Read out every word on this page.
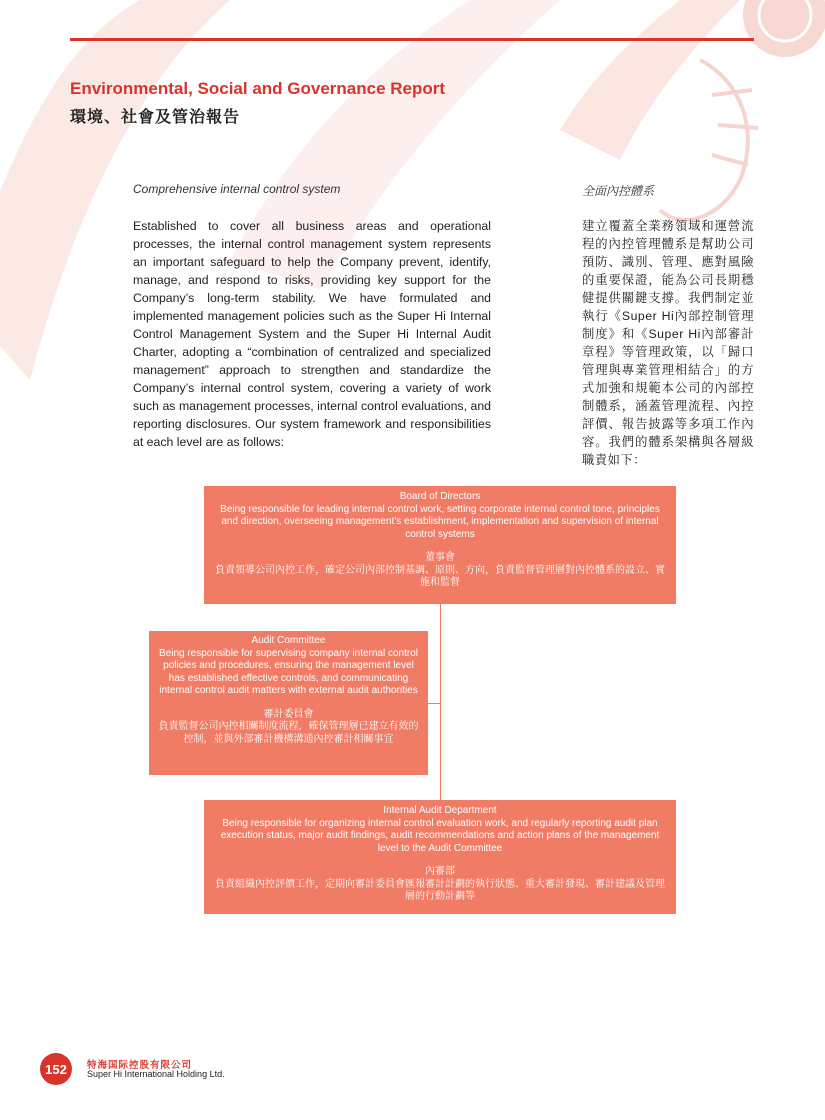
Environmental, Social and Governance Report
環境、社會及管治報告
Comprehensive internal control system	全面內控體系
Established to cover all business areas and operational processes, the internal control management system represents an important safeguard to help the Company prevent, identify, manage, and respond to risks, providing key support for the Company’s long-term stability. We have formulated and implemented management policies such as the Super Hi Internal Control Management System and the Super Hi Internal Audit Charter, adopting a “combination of centralized and specialized management” approach to strengthen and standardize the Company’s internal control system, covering a variety of work such as management processes, internal control evaluations, and reporting disclosures. Our system framework and responsibilities at each level are as follows:
建立覆蓋全業務領域和運營流程的內控管理體系是幫助公司預防、識別、管理、應對風險的重要保證，能為公司長期穩健提供關鍵支撐。我們制定並執行《Super Hi內部控制管理制度》和《Super Hi內部審計章程》等管理政策，以「歸口管理與專業管理相結合」的方式加強和規範本公司的內部控制體系，涵蓋管理流程、內控評價、報告披露等多項工作內容。我們的體系架構與各層級職責如下：
Board of Directors
Being responsible for leading internal control work, setting corporate internal control tone, principles and direction, overseeing management’s establishment, implementation and supervision of internal control systems
董事會
負責領導公司內控工作，確定公司內部控制基調、原則、方向，負責監督管理層對內控體系的設立、實施和監督
Audit Committee
Being responsible for supervising company internal control policies and procedures, ensuring the management level has established effective controls, and communicating internal control audit matters with external audit authorities
審計委員會
負責監督公司內控相關制度流程，確保管理層已建立有效的控制，並與外部審計機構溝通內控審計相關事宜
Internal Audit Department
Being responsible for organizing internal control evaluation work, and regularly reporting audit plan execution status, major audit findings, audit recommendations and action plans of the management level to the Audit Committee
內審部
負責組織內控評價工作，定期向審計委員會匯報審計計劃的執行狀態、重大審計發現、審計建議及管理層的行動計劃等
152	特海国际控股有限公司
Super Hi International Holding Ltd.
